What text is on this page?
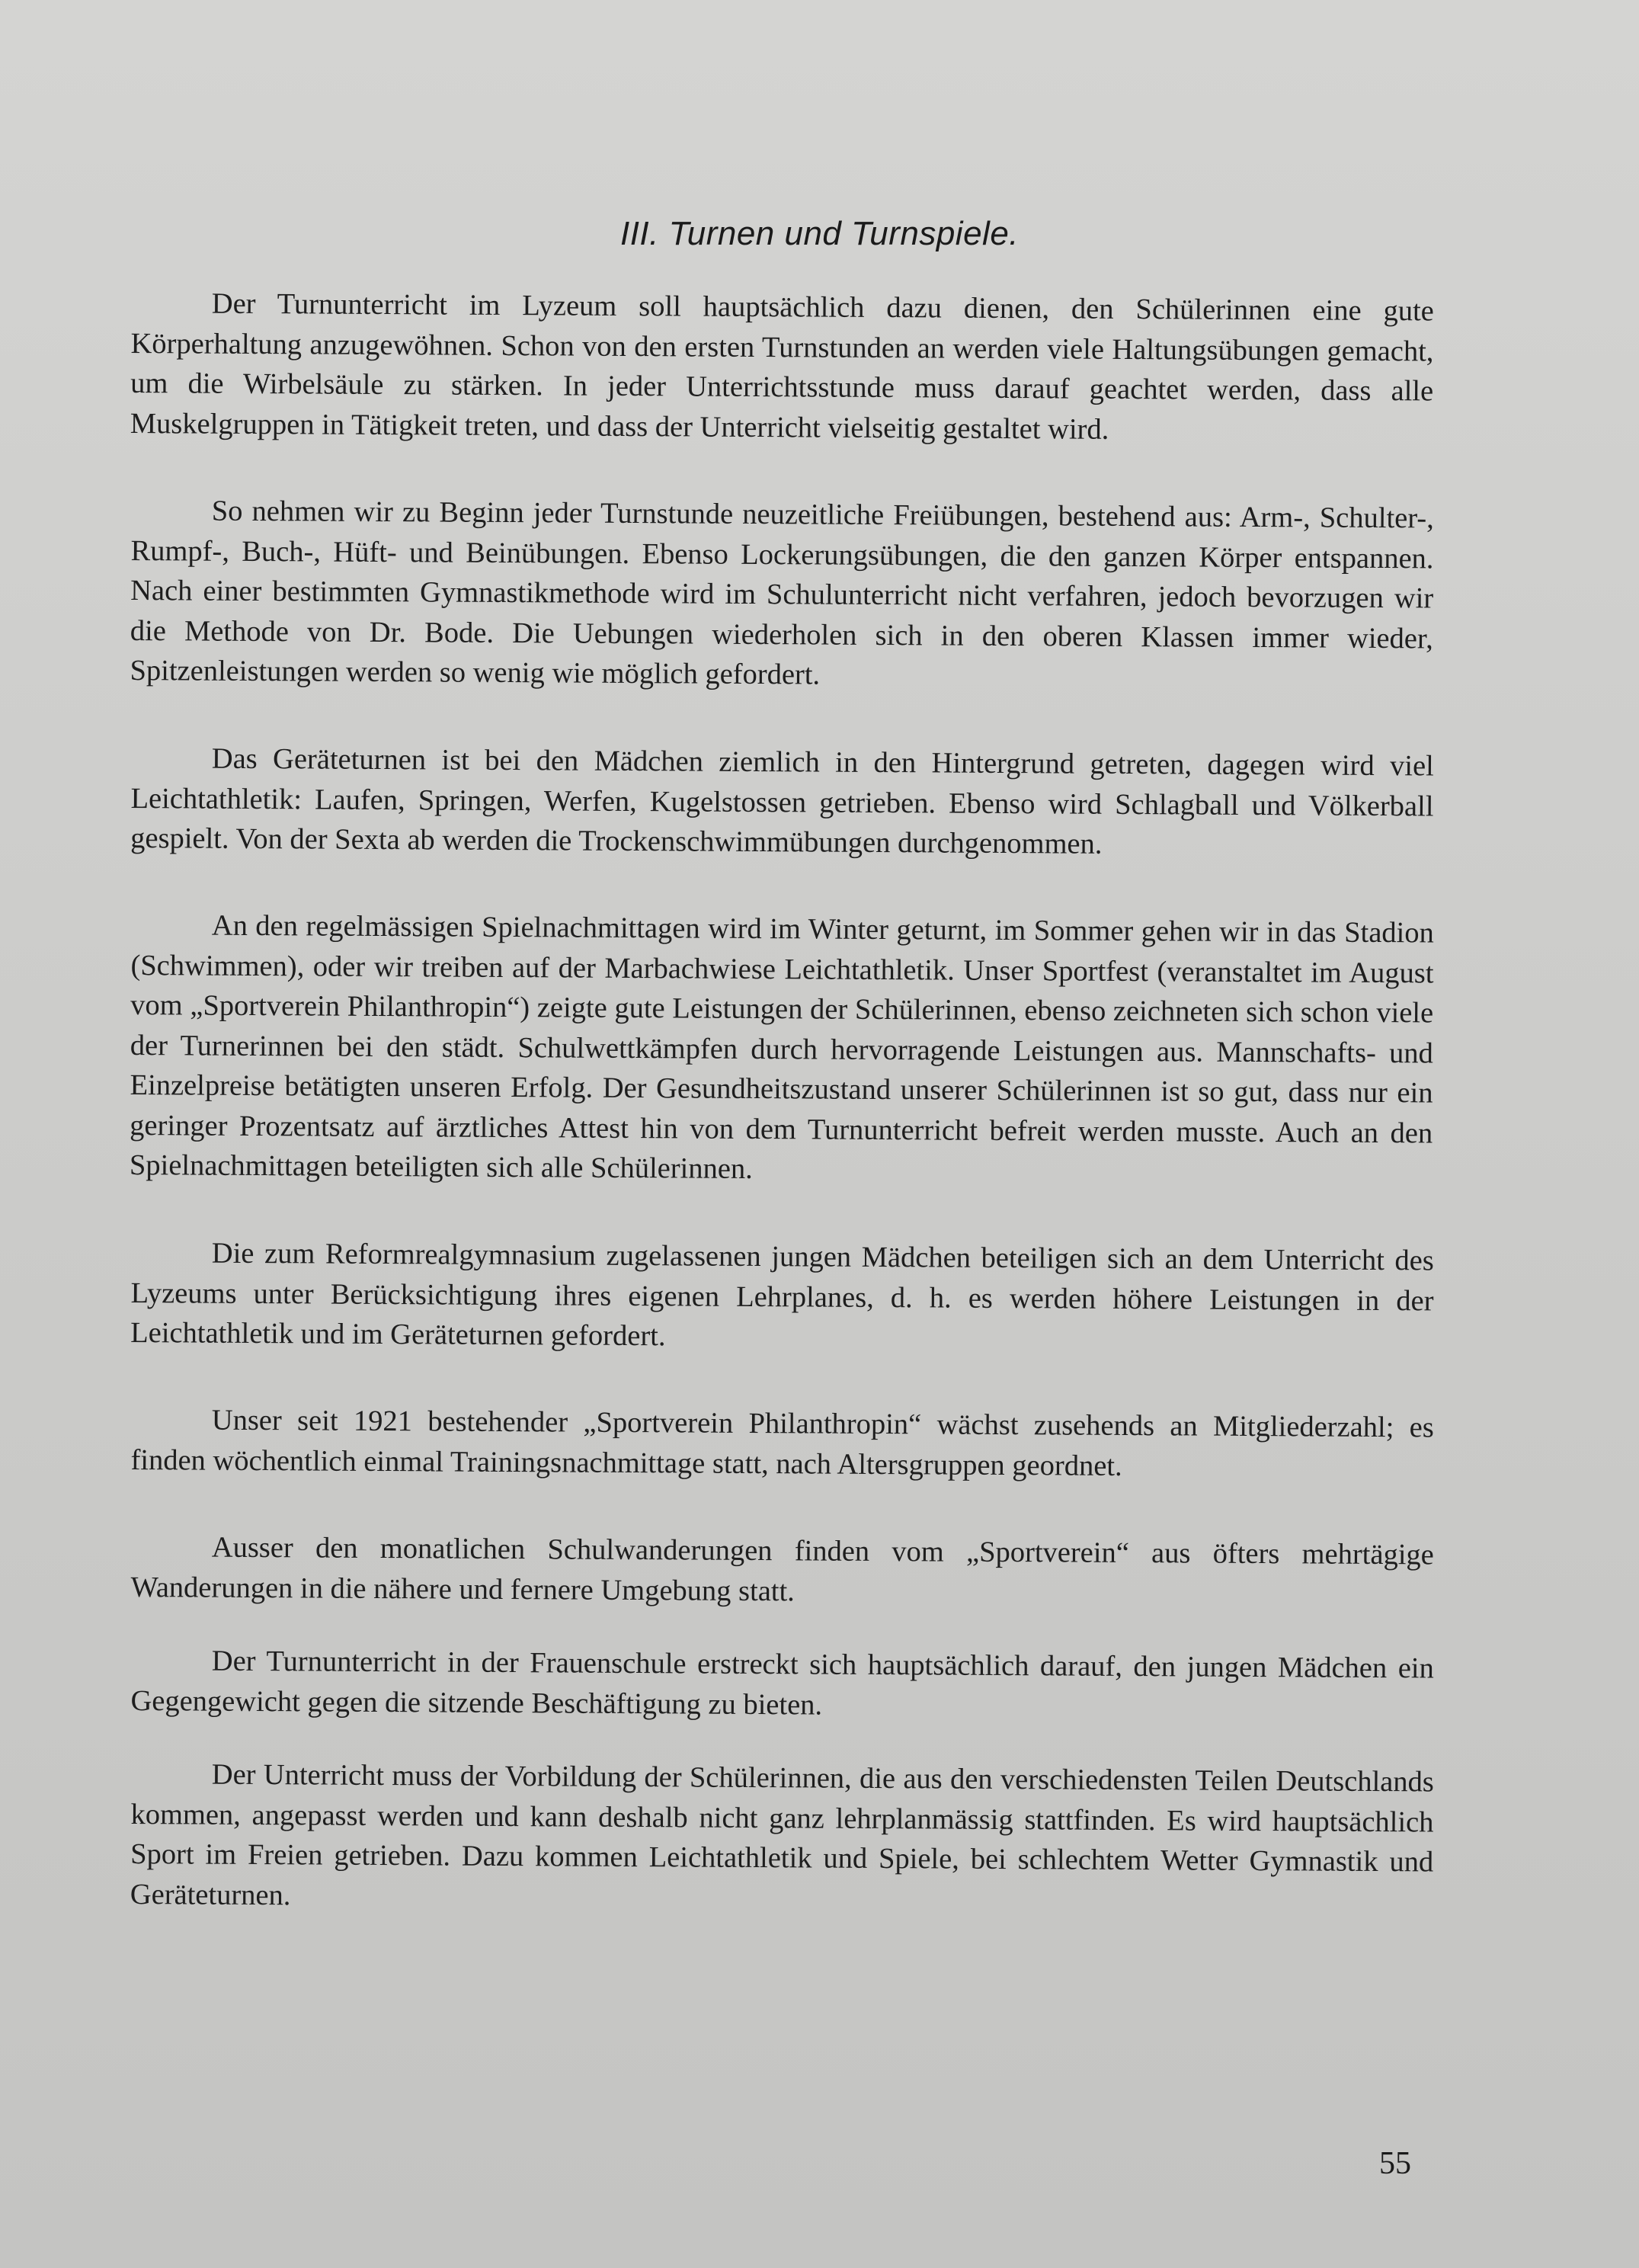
III. Turnen und Turnspiele.

Der Turnunterricht im Lyzeum soll hauptsächlich dazu dienen, den Schülerinnen eine gute Körperhaltung anzugewöhnen. Schon von den ersten Turnstunden an werden viele Haltungsübungen gemacht, um die Wirbelsäule zu stärken. In jeder Unterrichtsstunde muss darauf geachtet werden, dass alle Muskelgruppen in Tätigkeit treten, und dass der Unterricht vielseitig gestaltet wird.

So nehmen wir zu Beginn jeder Turnstunde neuzeitliche Freiübungen, bestehend aus: Arm-, Schulter-, Rumpf-, Buch-, Hüft- und Beinübungen. Ebenso Lockerungsübungen, die den ganzen Körper entspannen. Nach einer bestimmten Gymnastikmethode wird im Schulunterricht nicht verfahren, jedoch bevorzugen wir die Methode von Dr. Bode. Die Uebungen wiederholen sich in den oberen Klassen immer wieder, Spitzenleistungen werden so wenig wie möglich gefordert.

Das Geräteturnen ist bei den Mädchen ziemlich in den Hintergrund getreten, dagegen wird viel Leichtathletik: Laufen, Springen, Werfen, Kugelstossen getrieben. Ebenso wird Schlagball und Völkerball gespielt. Von der Sexta ab werden die Trockenschwimmübungen durchgenommen.

An den regelmässigen Spielnachmittagen wird im Winter geturnt, im Sommer gehen wir in das Stadion (Schwimmen), oder wir treiben auf der Marbachwiese Leichtathletik. Unser Sportfest (veranstaltet im August vom „Sportverein Philanthropin“) zeigte gute Leistungen der Schülerinnen, ebenso zeichneten sich schon viele der Turnerinnen bei den städt. Schulwettkämpfen durch hervorragende Leistungen aus. Mannschafts- und Einzelpreise betätigten unseren Erfolg. Der Gesundheitszustand unserer Schülerinnen ist so gut, dass nur ein geringer Prozentsatz auf ärztliches Attest hin von dem Turnunterricht befreit werden musste. Auch an den Spielnachmittagen beteiligten sich alle Schülerinnen.

Die zum Reformrealgymnasium zugelassenen jungen Mädchen beteiligen sich an dem Unterricht des Lyzeums unter Berücksichtigung ihres eigenen Lehrplanes, d. h. es werden höhere Leistungen in der Leichtathletik und im Geräteturnen gefordert.

Unser seit 1921 bestehender „Sportverein Philanthropin“ wächst zusehends an Mitgliederzahl; es finden wöchentlich einmal Trainingsnachmittage statt, nach Altersgruppen geordnet.

Ausser den monatlichen Schulwanderungen finden vom „Sportverein“ aus öfters mehrtägige Wanderungen in die nähere und fernere Umgebung statt.

Der Turnunterricht in der Frauenschule erstreckt sich hauptsächlich darauf, den jungen Mädchen ein Gegengewicht gegen die sitzende Beschäftigung zu bieten.

Der Unterricht muss der Vorbildung der Schülerinnen, die aus den verschiedensten Teilen Deutschlands kommen, angepasst werden und kann deshalb nicht ganz lehrplanmässig stattfinden. Es wird hauptsächlich Sport im Freien getrieben. Dazu kommen Leichtathletik und Spiele, bei schlechtem Wetter Gymnastik und Geräteturnen.

55
